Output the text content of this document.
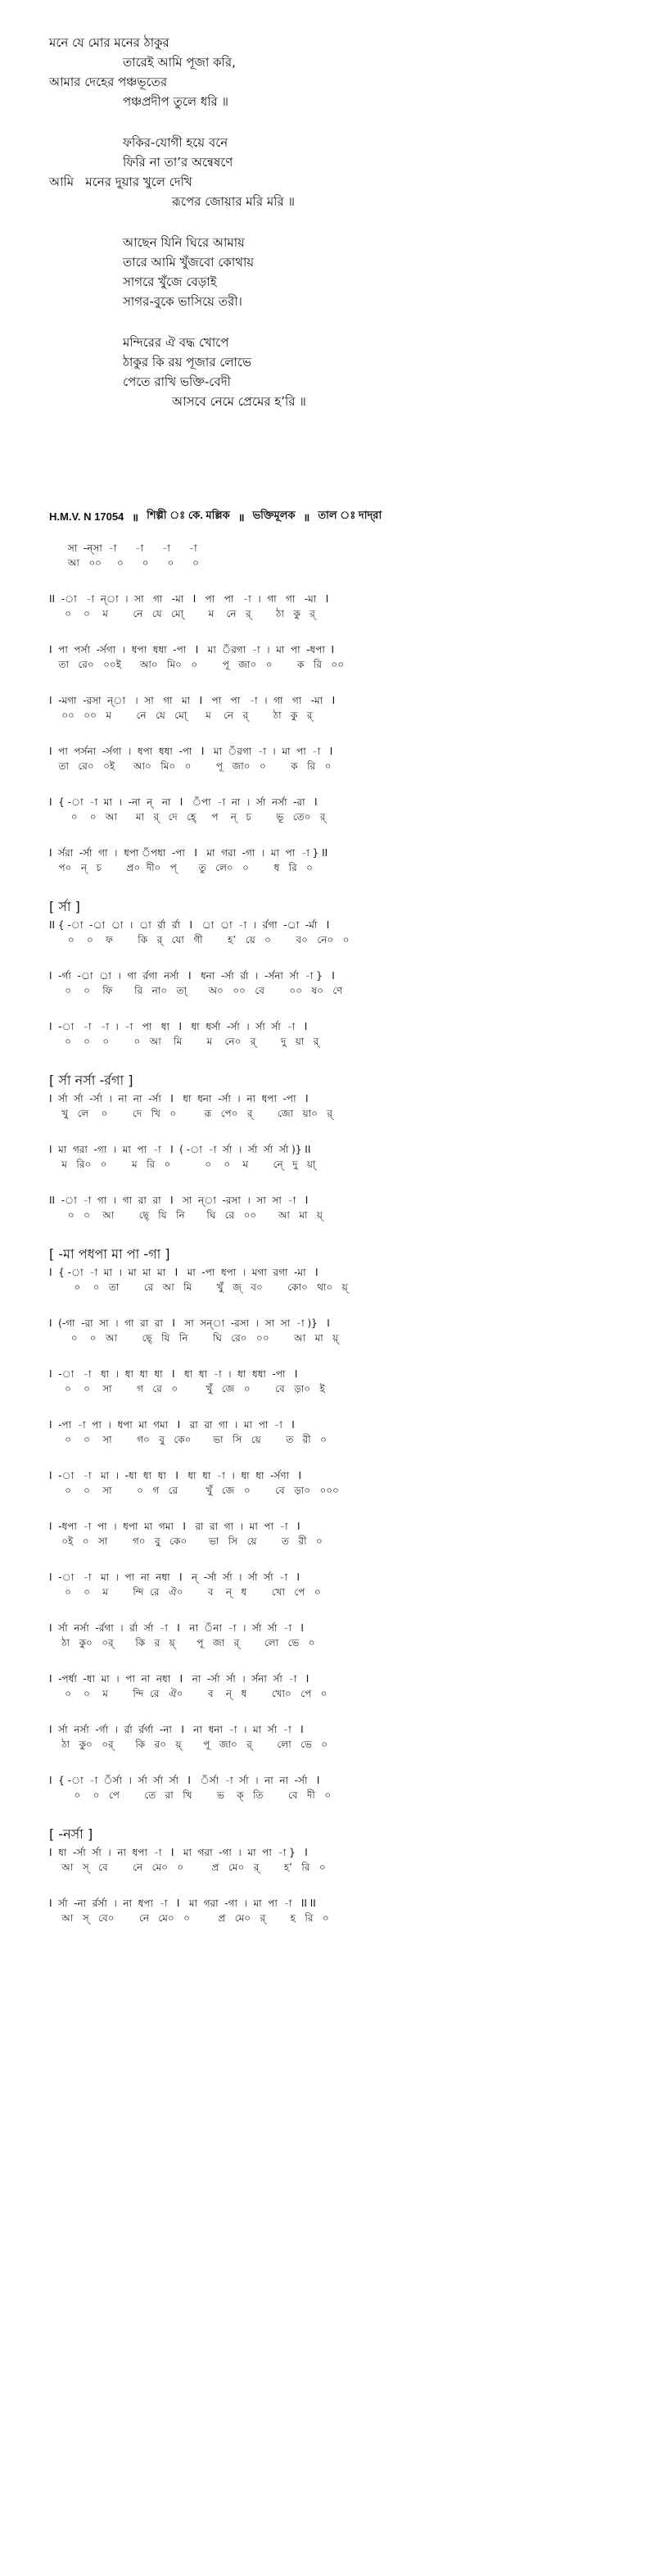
মনে যে মোর মনের ঠাকুর
তারেই আমি পূজা করি,
আমার দেহের পঞ্চভূতের
পঞ্চপ্রদীপ তুলে ধরি ॥
ফকির-যোগী হয়ে বনে
ফিরি না তা’র অন্বেষণে
আমি   মনের দুয়ার খুলে দেখি
রূপের জোয়ার মরি মরি ॥
আছেন যিনি ঘিরে আমায়
তারে আমি খুঁজবো কোথায়
সাগরে খুঁজে বেড়াই
সাগর-বুকে ভাসিয়ে তরী।
মন্দিরের ঐ বদ্ধ খোপে
ঠাকুর কি রয় পূজার লোভে
পেতে রাখি ভক্তি-বেদী
আসবে নেমে প্রেমের হ’রি ॥
H.M.V. N 17054 ॥ শিল্পী ঃ কে. মল্লিক ॥ ভক্তিমূলক ॥ তাল ঃ দাদ্‌রা
সা  -ন্‌সা  -া      -া      -া      -া
আ   ০০     ০      ০      ০      ০
II  -া   -া  ন্‌া  ।  সা   গা   -মা   I   পা   পা   -া  ।  গা   গা   -মা   I
০    ০    ম        নে   যে   মো্‌        ম    নে   র্‌        ঠা   কু   র্‌
I  পা  পর্সা  -র্সগা  ।  ধপা  ধধা  -পা   I   মা  ঁরগা  -া  ।  মা  পা  -ধপা  I
তা   রে০   ০০ই      আ০   মি০   ০        পূ   জা০   ০        ক   রি   ০০
I  -মগা  -রসা  ন্‌া   ।  সা   গা   মা   I   পা   পা   -া  ।  গা   গা   -মা   I
০০   ০০   ম        নে   যে   মো্‌      ম    নে   র্‌        ঠা   কু   র্‌
I  পা  পর্সনা  -র্সগা  ।  ধপা  ধধা  -পা   I   মা  ঁরগা  -া  ।  মা  পা  -া   I
তা   রে০   ০ই      আ০   মি০   ০        পূ   জা০   ০        ক   রি   ০
I  { -া  -া  মা  ।  -না  ন্‌   না   I   ঁপা  -া  না  ।  র্সা  নর্সা  -রা   I
০    ০   আ      মা   র্‌   দে   হে্‌     প    ন্‌   চ        ভূ   তে০   র্‌
I  র্সরা  -র্সা  গা  ।  ধপা ঁপধা  -পা   I   মা  গরা  -গা  ।  মা  পা  -া } II
প০   ন্‌   চ        প্র০  দী০   প্‌       তু   লে০   ০        ধ   রি   ০
[ র্সা ]
II { -া  -র্া  র্া  ।  র্া  র্রা  র্রা   I   র্া  র্া  -া  ।  র্রগা  -র্া  -র্মা   I
০    ০    ফ        কি   র্‌   যো   গী        হ’   য়ে   ০        ব০   নে০   ০
I  -র্গা  -র্া  র্া  ।  গা  র্রগা  নর্সা   I   ধনা  -র্সা  র্রা  ।  -র্সনা  র্সা  -া }   I
০    ০    ফি       রি   না০   তা্‌       অ০   ০০   বে        ০০   ষ০   ণে
I  -া   -া   -া  ।  -া   পা   ধা   I   ধা  ধর্সা  -র্সা  ।  র্সা  র্সা  -া   I
০    ০    ০        ০   আ    মি        ম    নে০   র্‌        দু   য়া   র্‌
[ র্সা নর্সা -র্রগা ]
I  র্সা  র্সা  -র্সা  ।  না  না  -র্সা   I   ধা  ধনা  -র্সা  ।  না  ধপা  -পা   I
খু   লে    ০        দে   খি   ০         রূ   পে০   র্‌        জো   য়া০   র্‌
I  মা  গরা  -গা  ।  মা  পা  -া   I  ( -া  -া  র্সা  ।  র্সা  র্সা  র্সা )} II
ম   রি০   ০        ম   রি   ০           ০    ০    ম        নে্‌   দু   য়া্‌
II  -া  -া  গা  ।  গা  রা  রা   I   সা  ন্‌া  -রসা  ।  সা  সা  -া   I
০   ০    আ        ছে্‌   যি   নি       ঘি   রে   ০০       আ   মা   য়্‌
[ -মা পধপা মা পা -গা ]
I  { -া  -া  মা  ।  মা  মা  মা   I   মা  -পা  ধপা  ।  মগা  রগা  -মা   I
০    ০   তা        রে   আ   মি        খুঁ   জ্‌   ব০        কো০   থা০   য়্‌
I  (-গা  -রা  সা  ।  গা  রা  রা   I   সা  সন্‌া  -রসা  ।  সা  সা  -া )}   I
০    ০   আ        ছে্‌   যি   নি        ঘি   রে০   ০০        আ   মা   য়্‌
I  -া   -া   ধা  ।  ধা  ধা  ধা   I   ধা  ধা  -া  ।  ধা  ধধা  -পা   I
০    ০    সা        গ   রে   ০         খুঁ   জে   ০        বে   ড়া০   ই
I  -পা  -া  পা  ।  ধপা  মা  গমা   I   রা  রা  গা  ।  মা  পা  -া   I
০    ০    সা        গ০   বু   কে০       ভা   সি   য়ে        ত   রী   ০
I  -া   -া   মা  ।  -ধা  ধা  ধা   I   ধা  ধা  -া  ।  ধা  ধা  -র্সণা   I
০    ০    সা        ০   গ   রে         খুঁ   জে   ০        বে   ড়া০   ০০০
I  -ধপা  -া  পা  ।  ধপা  মা  গমা   I   রা  রা  গা  ।  মা  পা  -া   I
০ই   ০   সা        গ০   বু   কে০       ভা   সি   য়ে        ত   রী   ০
I  -া   -া   মা  ।  পা  না  নধা   I   ন্‌  -র্সা  র্সা  ।  র্সা  র্সা  -া   I
০    ০    ম        ন্দি  রে   ঐ০        ব    ন্‌   ধ        খো   পে   ০
I  র্সা  নর্সা  -র্রগা  ।  র্রা  র্সা  -া   I   না  ঁনা  -া  ।  র্সা  র্সা  -া   I
ঠা   কু০   ০র্‌       কি   র   য়্‌       পূ   জা   র্‌        লো   ভে   ০
I  -পর্ধা  -ধা  মা  ।  পা  না  নধা   I   না  -র্সা  র্সা  ।  র্সনা  র্সা  -া   I
০    ০    ম        ন্দি  রে   ঐ০        ব    ন্‌   ধ        খো০   পে   ০
I  র্সা  নর্সা  -র্গা  ।  র্রা  র্রর্গা  -না   I   না  ধনা  -া  ।  মা  র্সা  -া   I
ঠা   কু০   ০র্‌       কি   র০   য়্‌       পূ   জা০   র্‌        লো   ভে   ০
I  { -া  -া  ঁর্সা  ।  র্সা  র্সা  র্সা   I   ঁর্সা  -া  র্সা  ।  না  না  -র্সা   I
০    ০   পে        তে   রা   খি        ভ    ক্‌   তি        বে   দী   ০
[ -নর্সা ]
I  ধা  -র্সা  র্সা  ।  না  ধপা  -া   I   মা  গরা  -গা  ।  মা  পা  -া }   I
আ   স্‌   বে        নে   মে০   ০         প্র   মে০   র্‌        হ’   রি   ০
I  র্সা  -না  র্রর্সা  ।  না  ধপা  -া   I   মা  গরা  -গা  ।  মা  পা  -া   II II
আ   স্‌   বে০        নে   মে০   ০         প্র   মে০   র্‌        হ   রি   ০
